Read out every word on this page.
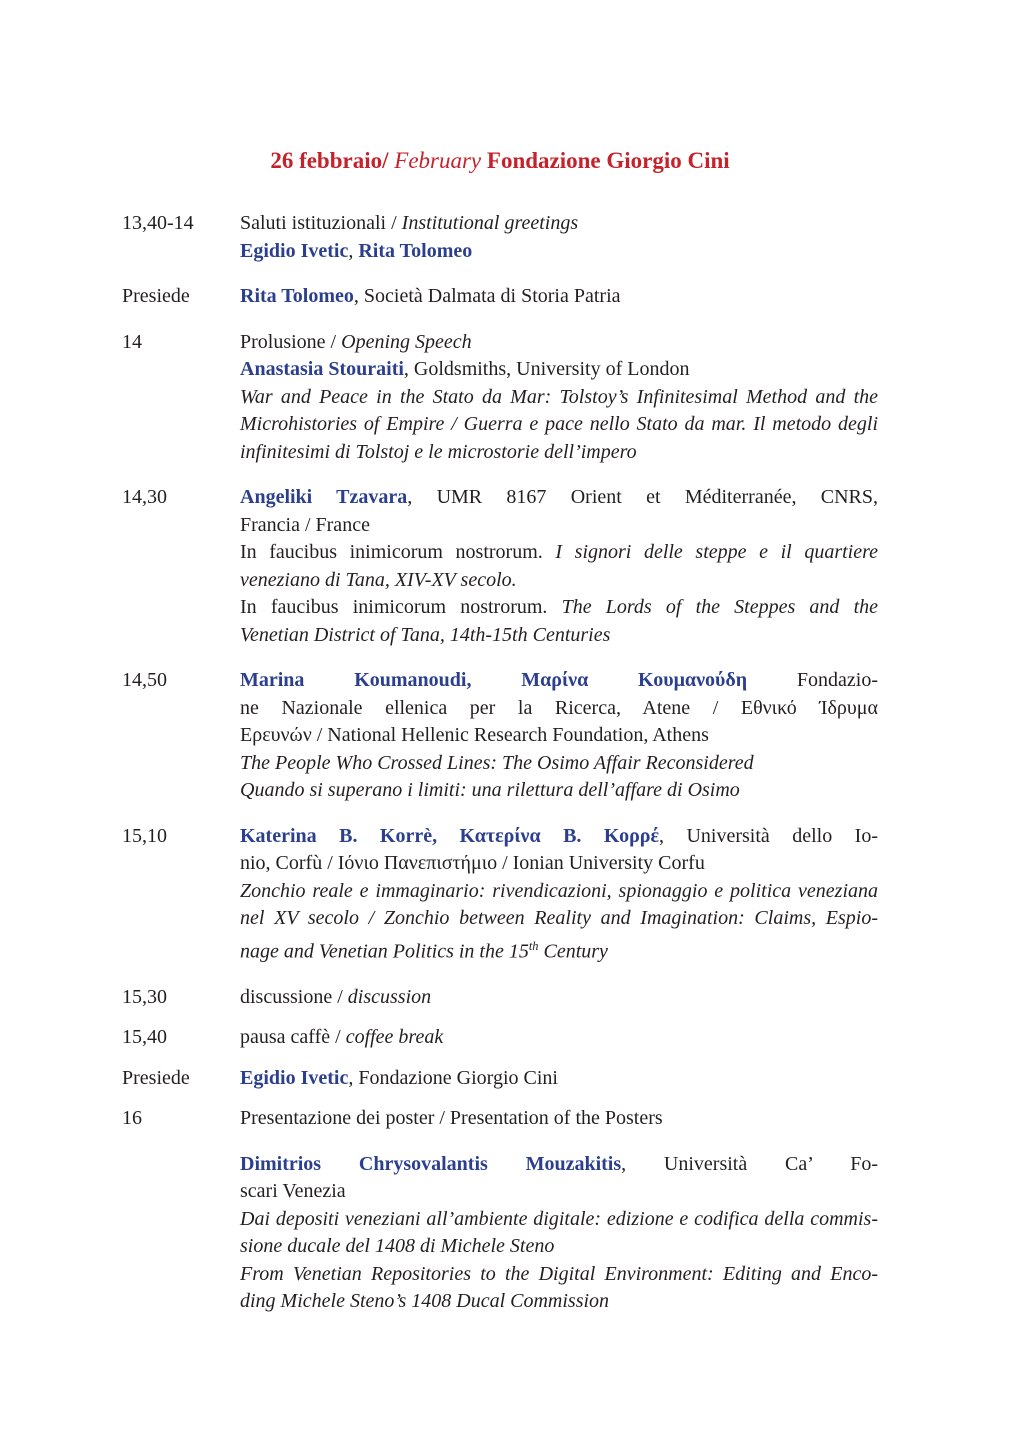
26 febbraio/ February Fondazione Giorgio Cini
13,40-14	Saluti istituzionali / Institutional greetings
Egidio Ivetic, Rita Tolomeo
Presiede	Rita Tolomeo, Società Dalmata di Storia Patria
14	Prolusione / Opening Speech
Anastasia Stouraiti, Goldsmiths, University of London
War and Peace in the Stato da Mar: Tolstoy’s Infinitesimal Method and the
Microhistories of Empire / Guerra e pace nello Stato da mar. Il metodo degli
infinitesimi di Tolstoj e le microstorie dell’impero
14,30	Angeliki Tzavara, UMR 8167 Orient et Méditerranée, CNRS,
Francia / France
In faucibus inimicorum nostrorum. I signori delle steppe e il quartiere
veneziano di Tana, XIV-XV secolo.
In faucibus inimicorum nostrorum. The Lords of the Steppes and the
Venetian District of Tana, 14th-15th Centuries
14,50	Marina Koumanoudi, Μαρίνα Κουμανούδη Fondazio-
ne Nazionale ellenica per la Ricerca, Atene / Εθνικό Ίδρυμα
Ερευνών / National Hellenic Research Foundation, Athens
The People Who Crossed Lines: The Osimo Affair Reconsidered
Quando si superano i limiti: una rilettura dell’affare di Osimo
15,10	Katerina B. Korrè, Κατερίνα Β. Κορρέ, Università dello Io-
nio, Corfù / Ιόνιο Πανεπιστήμιο / Ionian University Corfu
Zonchio reale e immaginario: rivendicazioni, spionaggio e politica veneziana
nel XV secolo / Zonchio between Reality and Imagination: Claims, Espio-
nage and Venetian Politics in the 15th Century
15,30	discussione / discussion
15,40	pausa caffè / coffee break
Presiede	Egidio Ivetic, Fondazione Giorgio Cini
16	Presentazione dei poster / Presentation of the Posters
Dimitrios Chrysovalantis Mouzakitis, Università Ca’ Fo-
scari Venezia
Dai depositi veneziani all’ambiente digitale: edizione e codifica della commis-
sione ducale del 1408 di Michele Steno
From Venetian Repositories to the Digital Environment: Editing and Enco-
ding Michele Steno’s 1408 Ducal Commission
